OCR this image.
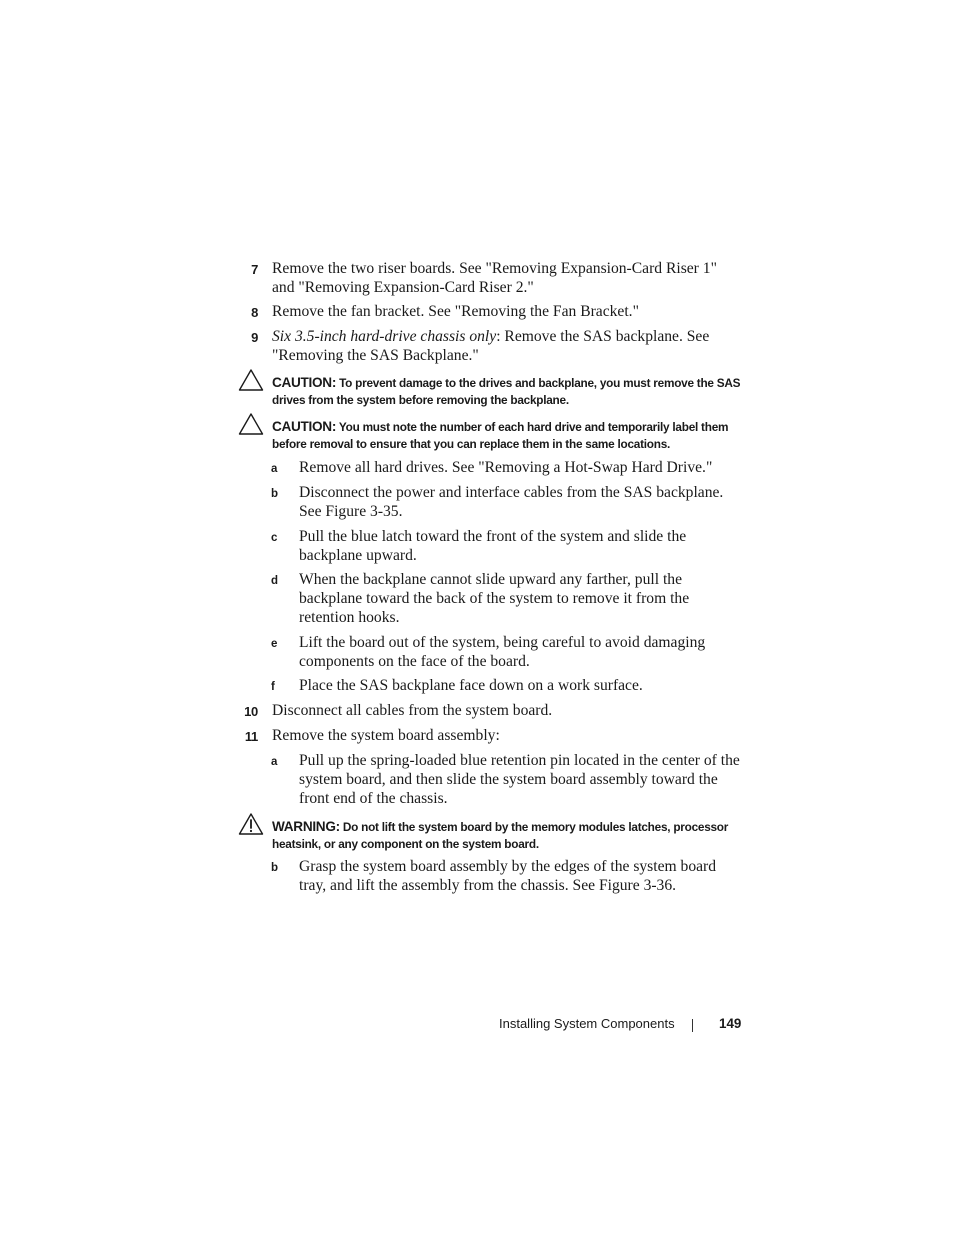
7 Remove the two riser boards. See "Removing Expansion-Card Riser 1" and "Removing Expansion-Card Riser 2."
8 Remove the fan bracket. See "Removing the Fan Bracket."
9 Six 3.5-inch hard-drive chassis only: Remove the SAS backplane. See "Removing the SAS Backplane."
CAUTION: To prevent damage to the drives and backplane, you must remove the SAS drives from the system before removing the backplane.
CAUTION: You must note the number of each hard drive and temporarily label them before removal to ensure that you can replace them in the same locations.
a Remove all hard drives. See "Removing a Hot-Swap Hard Drive."
b Disconnect the power and interface cables from the SAS backplane. See Figure 3-35.
c Pull the blue latch toward the front of the system and slide the backplane upward.
d When the backplane cannot slide upward any farther, pull the backplane toward the back of the system to remove it from the retention hooks.
e Lift the board out of the system, being careful to avoid damaging components on the face of the board.
f Place the SAS backplane face down on a work surface.
10 Disconnect all cables from the system board.
11 Remove the system board assembly:
a Pull up the spring-loaded blue retention pin located in the center of the system board, and then slide the system board assembly toward the front end of the chassis.
WARNING: Do not lift the system board by the memory modules latches, processor heatsink, or any component on the system board.
b Grasp the system board assembly by the edges of the system board tray, and lift the assembly from the chassis. See Figure 3-36.
Installing System Components	149
